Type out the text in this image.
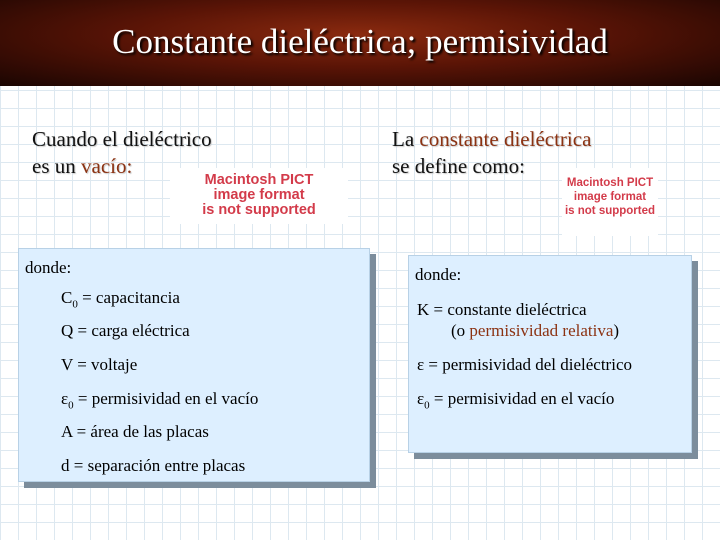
Constante dieléctrica; permisividad
Cuando el dieléctrico
es un vacío:
Macintosh PICT
image format
is not supported
donde:
$C_0$ = capacitancia
Q = carga eléctrica
V = voltaje
$\varepsilon_0$ = permisividad en el vacío
A = área de las placas
d = separación entre placas
La constante dieléctrica
se define como:
Macintosh PICT
image format
is not supported
donde:
K = constante dieléctrica
(o permisividad relativa)
ε = permisividad del dieléctrico
$\varepsilon_0$ = permisividad en el vacío
